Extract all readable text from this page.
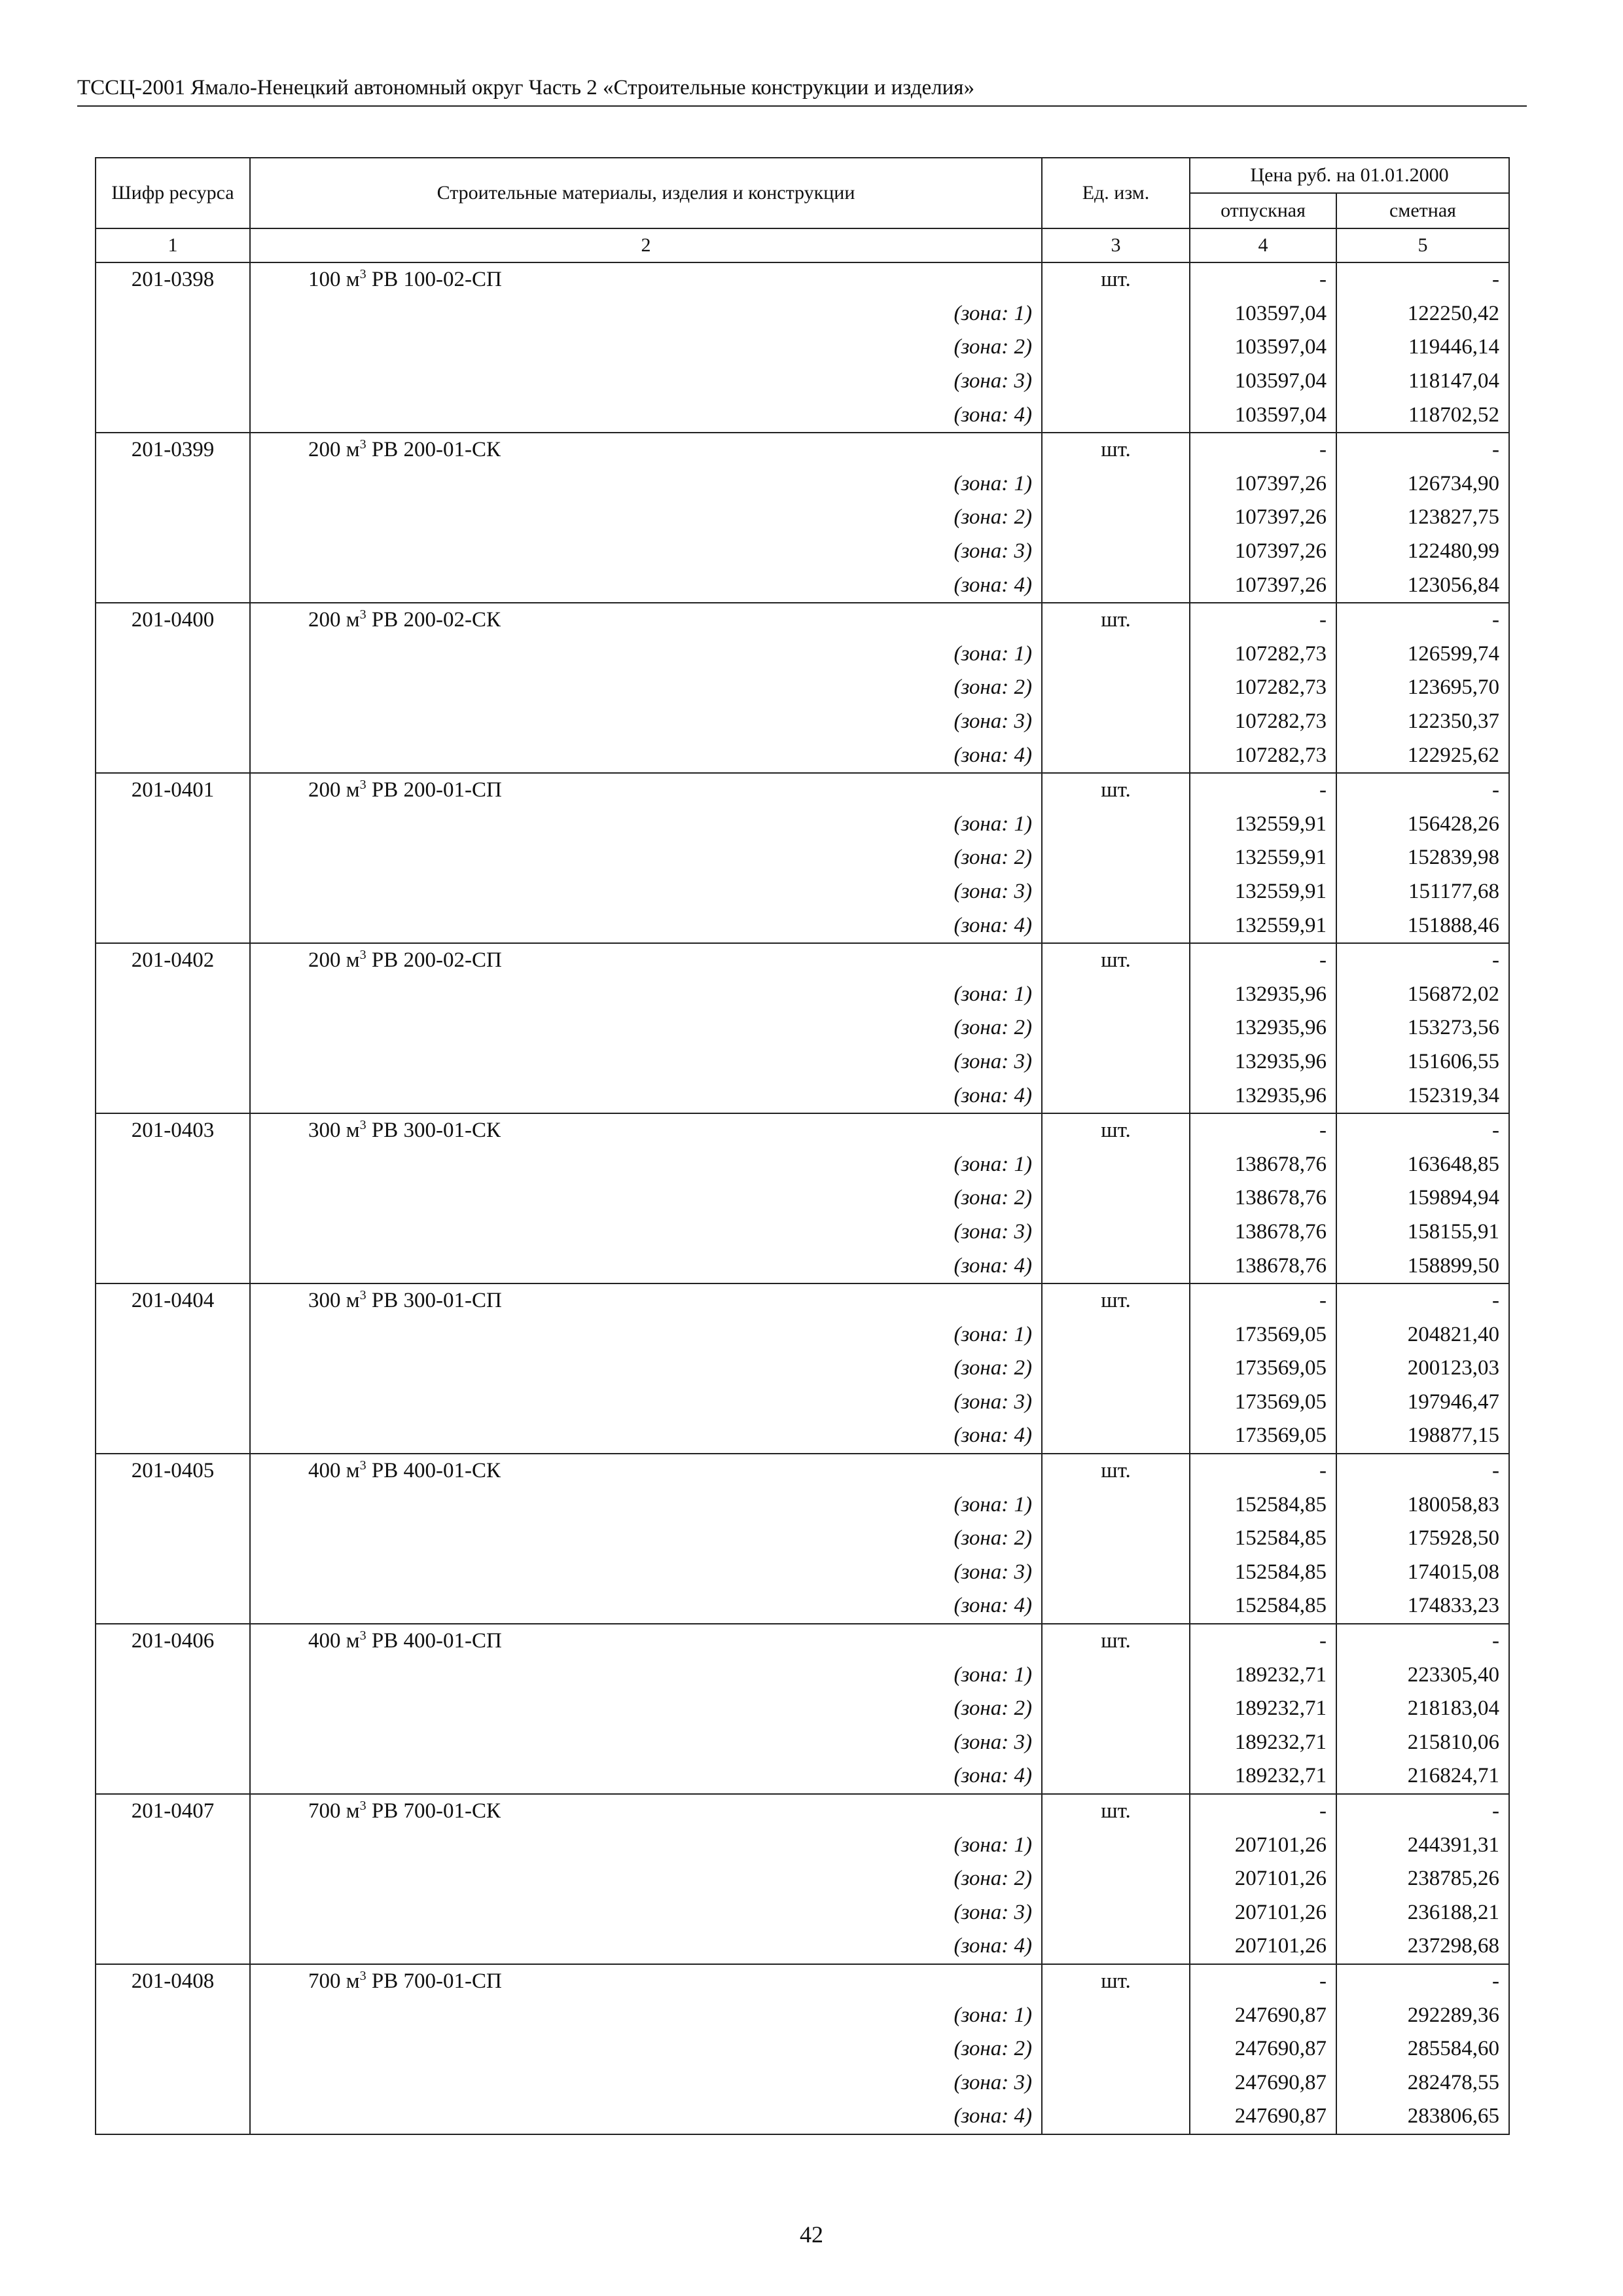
ТССЦ-2001 Ямало-Ненецкий автономный округ Часть 2 «Строительные конструкции и изделия»
Шифр ресурса	Строительные материалы, изделия и конструкции	Ед. изм.	Цена руб. на 01.01.2000	
			отпускная	сметная
1	2	3	4	5
201-0398	100 $м^3$ РВ 100-02-СП	шт.	-	-
	(зона: 1)		103597,04	122250,42
	(зона: 2)		103597,04	119446,14
	(зона: 3)		103597,04	118147,04
	(зона: 4)		103597,04	118702,52
201-0399	200 $м^3$ РВ 200-01-СК	шт.	-	-
	(зона: 1)		107397,26	126734,90
	(зона: 2)		107397,26	123827,75
	(зона: 3)		107397,26	122480,99
	(зона: 4)		107397,26	123056,84
201-0400	200 $м^3$ РВ 200-02-СК	шт.	-	-
	(зона: 1)		107282,73	126599,74
	(зона: 2)		107282,73	123695,70
	(зона: 3)		107282,73	122350,37
	(зона: 4)		107282,73	122925,62
201-0401	200 $м^3$ РВ 200-01-СП	шт.	-	-
	(зона: 1)		132559,91	156428,26
	(зона: 2)		132559,91	152839,98
	(зона: 3)		132559,91	151177,68
	(зона: 4)		132559,91	151888,46
201-0402	200 $м^3$ РВ 200-02-СП	шт.	-	-
	(зона: 1)		132935,96	156872,02
	(зона: 2)		132935,96	153273,56
	(зона: 3)		132935,96	151606,55
	(зона: 4)		132935,96	152319,34
201-0403	300 $м^3$ РВ 300-01-СК	шт.	-	-
	(зона: 1)		138678,76	163648,85
	(зона: 2)		138678,76	159894,94
	(зона: 3)		138678,76	158155,91
	(зона: 4)		138678,76	158899,50
201-0404	300 $м^3$ РВ 300-01-СП	шт.	-	-
	(зона: 1)		173569,05	204821,40
	(зона: 2)		173569,05	200123,03
	(зона: 3)		173569,05	197946,47
	(зона: 4)		173569,05	198877,15
201-0405	400 $м^3$ РВ 400-01-СК	шт.	-	-
	(зона: 1)		152584,85	180058,83
	(зона: 2)		152584,85	175928,50
	(зона: 3)		152584,85	174015,08
	(зона: 4)		152584,85	174833,23
201-0406	400 $м^3$ РВ 400-01-СП	шт.	-	-
	(зона: 1)		189232,71	223305,40
	(зона: 2)		189232,71	218183,04
	(зона: 3)		189232,71	215810,06
	(зона: 4)		189232,71	216824,71
201-0407	700 $м^3$ РВ 700-01-СК	шт.	-	-
	(зона: 1)		207101,26	244391,31
	(зона: 2)		207101,26	238785,26
	(зона: 3)		207101,26	236188,21
	(зона: 4)		207101,26	237298,68
201-0408	700 $м^3$ РВ 700-01-СП	шт.	-	-
	(зона: 1)		247690,87	292289,36
	(зона: 2)		247690,87	285584,60
	(зона: 3)		247690,87	282478,55
	(зона: 4)		247690,87	283806,65
42
